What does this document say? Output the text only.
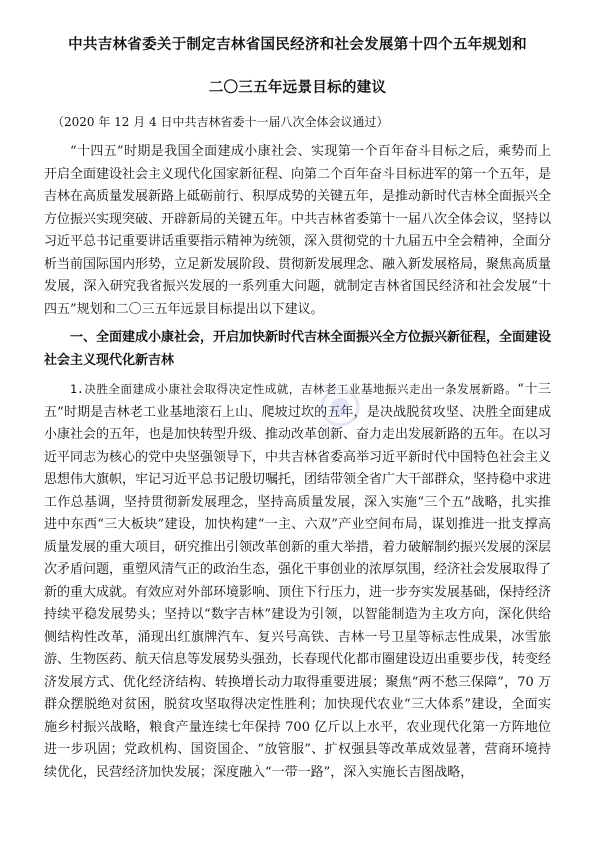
中共吉林省委关于制定吉林省国民经济和社会发展第十四个五年规划和
二〇三五年远景目标的建议
（2020 年 12 月 4 日中共吉林省委十一届八次全体会议通过）

“十四五”时期是我国全面建成小康社会、实现第一个百年奋斗目标之后，乘势而上开启全面建设社会主义现代化国家新征程、向第二个百年奋斗目标进军的第一个五年，是吉林在高质量发展新路上砥砺前行、积厚成势的关键五年，是推动新时代吉林全面振兴全方位振兴实现突破、开辟新局的关键五年。中共吉林省委第十一届八次全体会议，坚持以习近平总书记重要讲话重要指示精神为统领，深入贯彻党的十九届五中全会精神，全面分析当前国际国内形势，立足新发展阶段、贯彻新发展理念、融入新发展格局，聚焦高质量发展，深入研究我省振兴发展的一系列重大问题，就制定吉林省国民经济和社会发展“十四五”规划和二〇三五年远景目标提出以下建议。

一、全面建成小康社会，开启加快新时代吉林全面振兴全方位振兴新征程，全面建设社会主义现代化新吉林

1.决胜全面建成小康社会取得决定性成就，吉林老工业基地振兴走出一条发展新路。“十三五”时期是吉林老工业基地滚石上山、爬坡过坎的五年，是决战脱贫攻坚、决胜全面建成小康社会的五年，也是加快转型升级、推动改革创新、奋力走出发展新路的五年。在以习近平同志为核心的党中央坚强领导下，中共吉林省委高举习近平新时代中国特色社会主义思想伟大旗帜，牢记习近平总书记殷切嘱托，团结带领全省广大干部群众，坚持稳中求进工作总基调，坚持贯彻新发展理念，坚持高质量发展，深入实施“三个五”战略，扎实推进中东西“三大板块”建设，加快构建“一主、六双”产业空间布局，谋划推进一批支撑高质量发展的重大项目，研究推出引领改革创新的重大举措，着力破解制约振兴发展的深层次矛盾问题，重塑风清气正的政治生态，强化干事创业的浓厚氛围，经济社会发展取得了新的重大成就。有效应对外部环境影响、顶住下行压力，进一步夯实发展基础，保持经济持续平稳发展势头；坚持以“数字吉林”建设为引领，以智能制造为主攻方向，深化供给侧结构性改革，涌现出红旗牌汽车、复兴号高铁、吉林一号卫星等标志性成果，冰雪旅游、生物医药、航天信息等发展势头强劲，长春现代化都市圈建设迈出重要步伐，转变经济发展方式、优化经济结构、转换增长动力取得重要进展；聚焦“两不愁三保障”，70 万群众摆脱绝对贫困，脱贫攻坚取得决定性胜利；加快现代农业“三大体系”建设，全面实施乡村振兴战略，粮食产量连续七年保持 700 亿斤以上水平，农业现代化第一方阵地位进一步巩固；党政机构、国资国企、“放管服”、扩权强县等改革成效显著，营商环境持续优化，民营经济加快发展；深度融入“一带一路”，深入实施长吉图战略，
